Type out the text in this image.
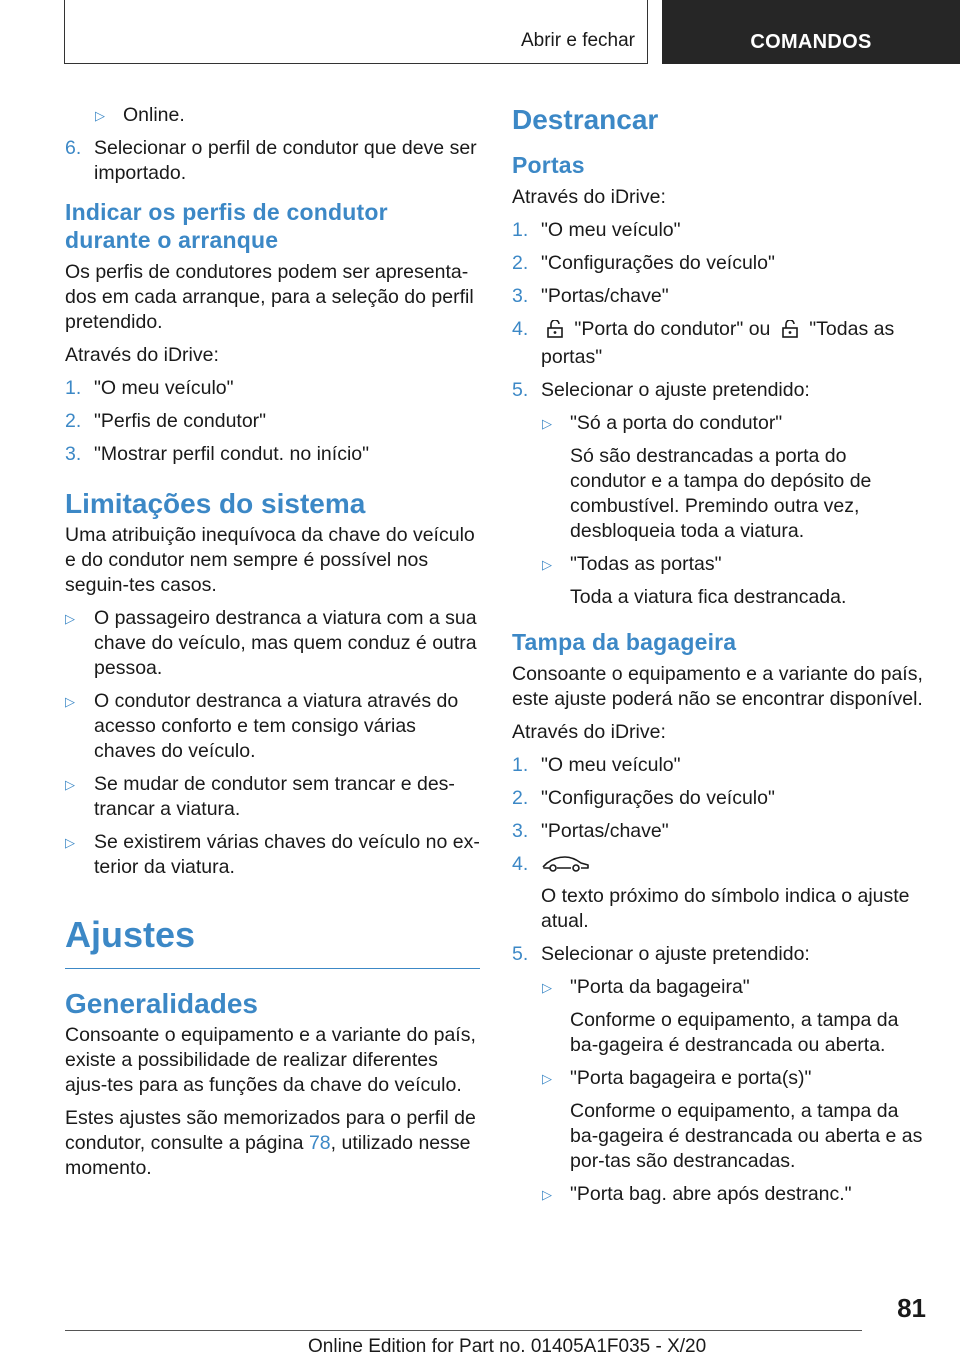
Abrir e fechar	COMANDOS
▷ Online.
6. Selecionar o perfil de condutor que deve ser importado.
Indicar os perfis de condutor durante o arranque

Os perfis de condutores podem ser apresenta-dos em cada arranque, para a seleção do perfil pretendido.

Através do iDrive:

1. "O meu veículo"
2. "Perfis de condutor"
3. "Mostrar perfil condut. no início"
Limitações do sistema

Uma atribuição inequívoca da chave do veículo e do condutor nem sempre é possível nos seguin-tes casos.

▷ O passageiro destranca a viatura com a sua chave do veículo, mas quem conduz é outra pessoa.
▷ O condutor destranca a viatura através do acesso conforto e tem consigo várias chaves do veículo.
▷ Se mudar de condutor sem trancar e des-trancar a viatura.
▷ Se existirem várias chaves do veículo no ex-terior da viatura.
Ajustes
Generalidades

Consoante o equipamento e a variante do país, existe a possibilidade de realizar diferentes ajus-tes para as funções da chave do veículo.

Estes ajustes são memorizados para o perfil de condutor, consulte a página 78, utilizado nesse momento.

Destrancar
Portas

Através do iDrive:

1. "O meu veículo"
2. "Configurações do veículo"
3. "Portas/chave"
4. "Porta do condutor" ou "Todas as portas"
5. Selecionar o ajuste pretendido:
▷ "Só a porta do condutor"
Só são destrancadas a porta do condutor e a tampa do depósito de combustível. Premindo outra vez, desbloqueia toda a viatura.
▷ "Todas as portas"
Toda a viatura fica destrancada.
Tampa da bagageira

Consoante o equipamento e a variante do país, este ajuste poderá não se encontrar disponível.

Através do iDrive:

1. "O meu veículo"
2. "Configurações do veículo"
3. "Portas/chave"
4.
O texto próximo do símbolo indica o ajuste atual.
5. Selecionar o ajuste pretendido:
▷ "Porta da bagageira"
Conforme o equipamento, a tampa da ba-gageira é destrancada ou aberta.
▷ "Porta bagageira e porta(s)"
Conforme o equipamento, a tampa da ba-gageira é destrancada ou aberta e as por-tas são destrancadas.
▷ "Porta bag. abre após destranc."
81
Online Edition for Part no. 01405A1F035 - X/20
